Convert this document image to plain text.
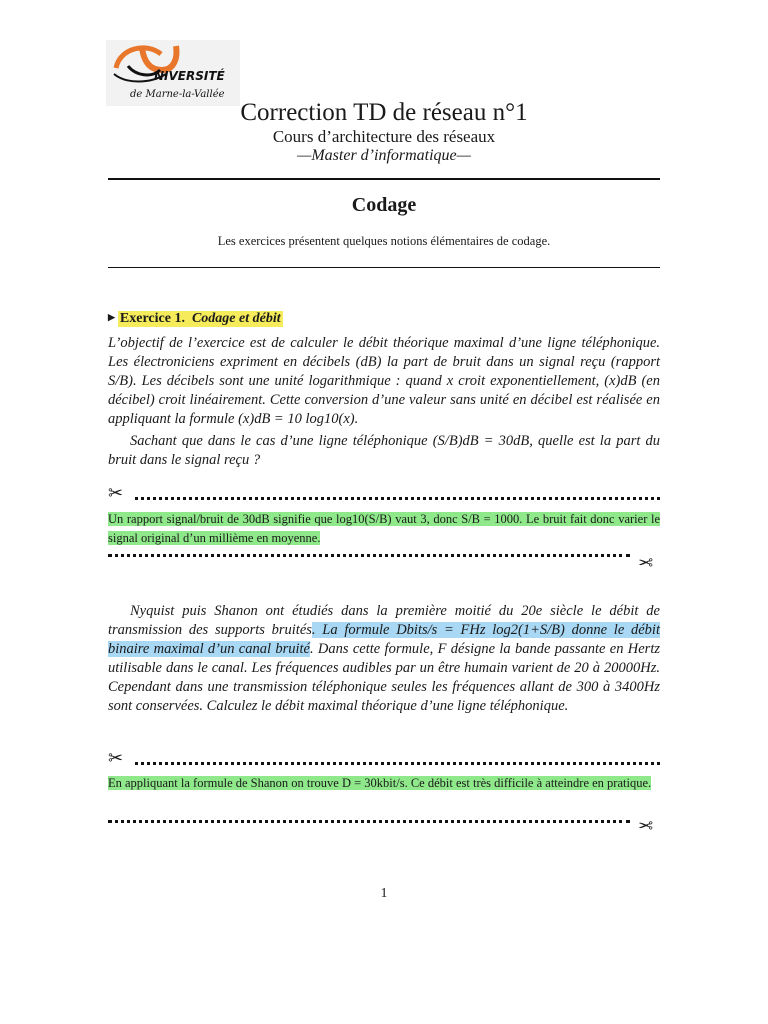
NIVERSITÉ
de Marne-la-Vallée
Correction TD de réseau n°1
Cours d’architecture des réseaux
—Master d’informatique—
Codage
Les exercices présentent quelques notions élémentaires de codage.
▶ Exercice 1. Codage et débit
L’objectif de l’exercice est de calculer le débit théorique maximal d’une ligne téléphonique. Les électroniciens expriment en décibels (dB) la part de bruit dans un signal reçu (rapport S/B). Les décibels sont une unité logarithmique : quand x croit exponentiellement, (x)dB (en décibel) croit linéairement. Cette conversion d’une valeur sans unité en décibel est réalisée en appliquant la formule (x)dB = 10 log10(x).
Sachant que dans le cas d’une ligne téléphonique (S/B)dB = 30dB, quelle est la part du bruit dans le signal reçu ?
✂
Un rapport signal/bruit de 30dB signifie que log10(S/B) vaut 3, donc S/B = 1000. Le bruit fait donc varier le signal original d’un millième en moyenne.
✂
Nyquist puis Shanon ont étudiés dans la première moitié du 20e siècle le débit de transmission des supports bruités. La formule Dbits/s = FHz log2(1+S/B) donne le débit binaire maximal d’un canal bruité. Dans cette formule, F désigne la bande passante en Hertz utilisable dans le canal. Les fréquences audibles par un être humain varient de 20 à 20000Hz. Cependant dans une transmission téléphonique seules les fréquences allant de 300 à 3400Hz sont conservées. Calculez le débit maximal théorique d’une ligne téléphonique.
✂
En appliquant la formule de Shanon on trouve D = 30kbit/s. Ce débit est très difficile à atteindre en pratique.
✂
1
